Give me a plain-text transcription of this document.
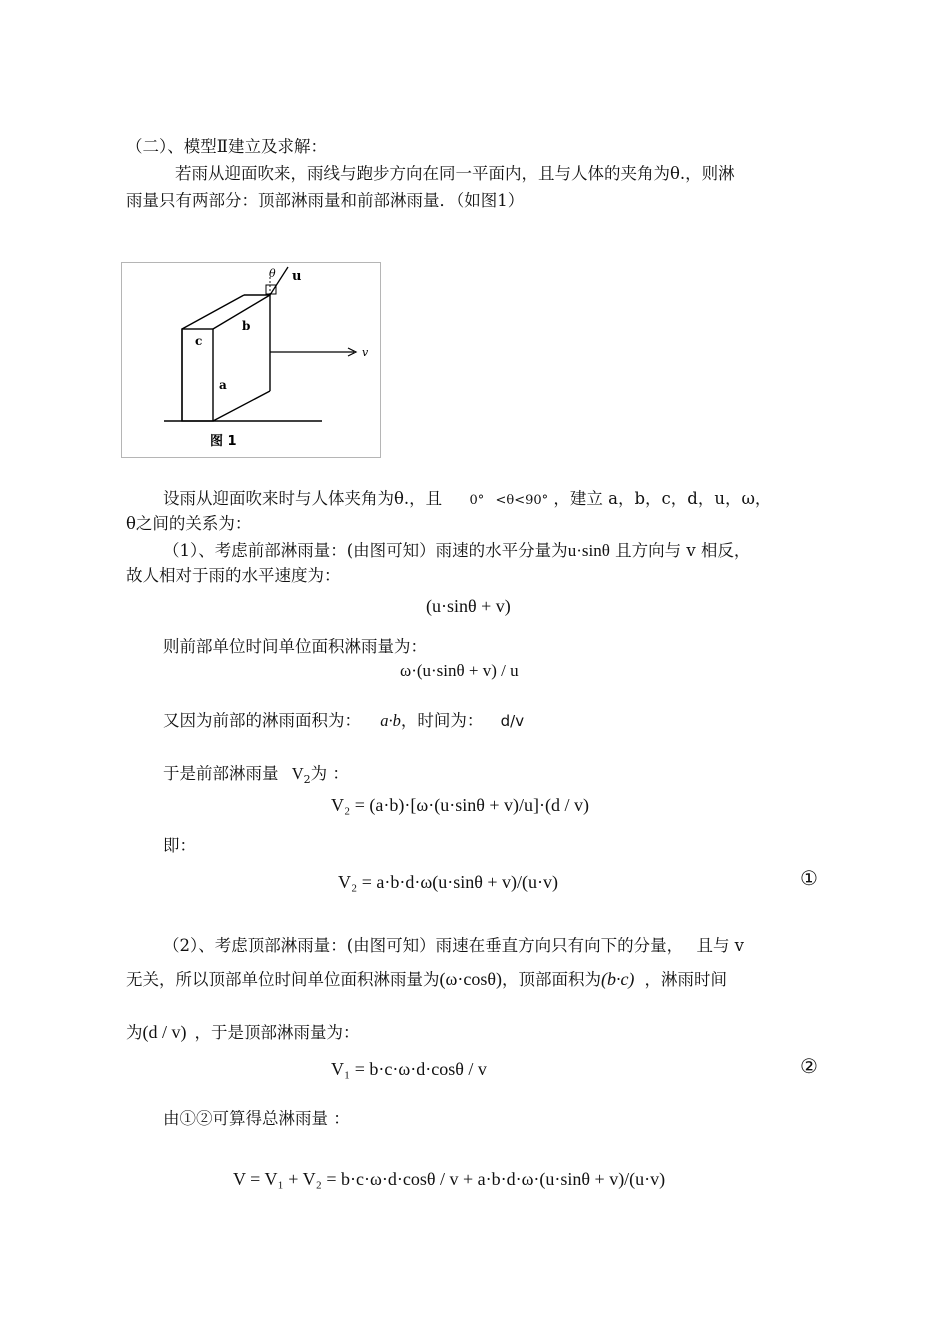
（二）、模型Ⅱ建立及求解：
若雨从迎面吹来，雨线与跑步方向在同一平面内，且与人体的夹角为θ.，则淋
雨量只有两部分：顶部淋雨量和前部淋雨量．（如图1）
θ u
b
c
a
v
图 1
设雨从迎面吹来时与人体夹角为θ.，且 0° <θ<90° ，建立 a，b，c，d，u，ω，
θ之间的关系为：
（1）、考虑前部淋雨量：(由图可知）雨速的水平分量为u·sinθ 且方向与 v 相反，
故人相对于雨的水平速度为：
(u·sinθ + v)
则前部单位时间单位面积淋雨量为：
ω·(u·sinθ + v) / u
又因为前部的淋雨面积为： a·b，时间为： d/v
于是前部淋雨量 $V_2$为 ：
V₂ = (a·b)·[ω·(u·sinθ + v)/u]·(d / v)
即：
V₂ = a·b·d·ω(u·sinθ + v)/(u·v)	①
（2）、考虑顶部淋雨量：(由图可知）雨速在垂直方向只有向下的分量， 且与 v
无关，所以顶部单位时间单位面积淋雨量为(ω·cosθ)，顶部面积为(b·c) ，淋雨时间
为(d / v) ，于是顶部淋雨量为：
V₁ = b·c·ω·d·cosθ / v	②
由①②可算得总淋雨量 ：
V = V₁ + V₂ = b·c·ω·d·cosθ / v + a·b·d·ω·(u·sinθ + v)/(u·v)
